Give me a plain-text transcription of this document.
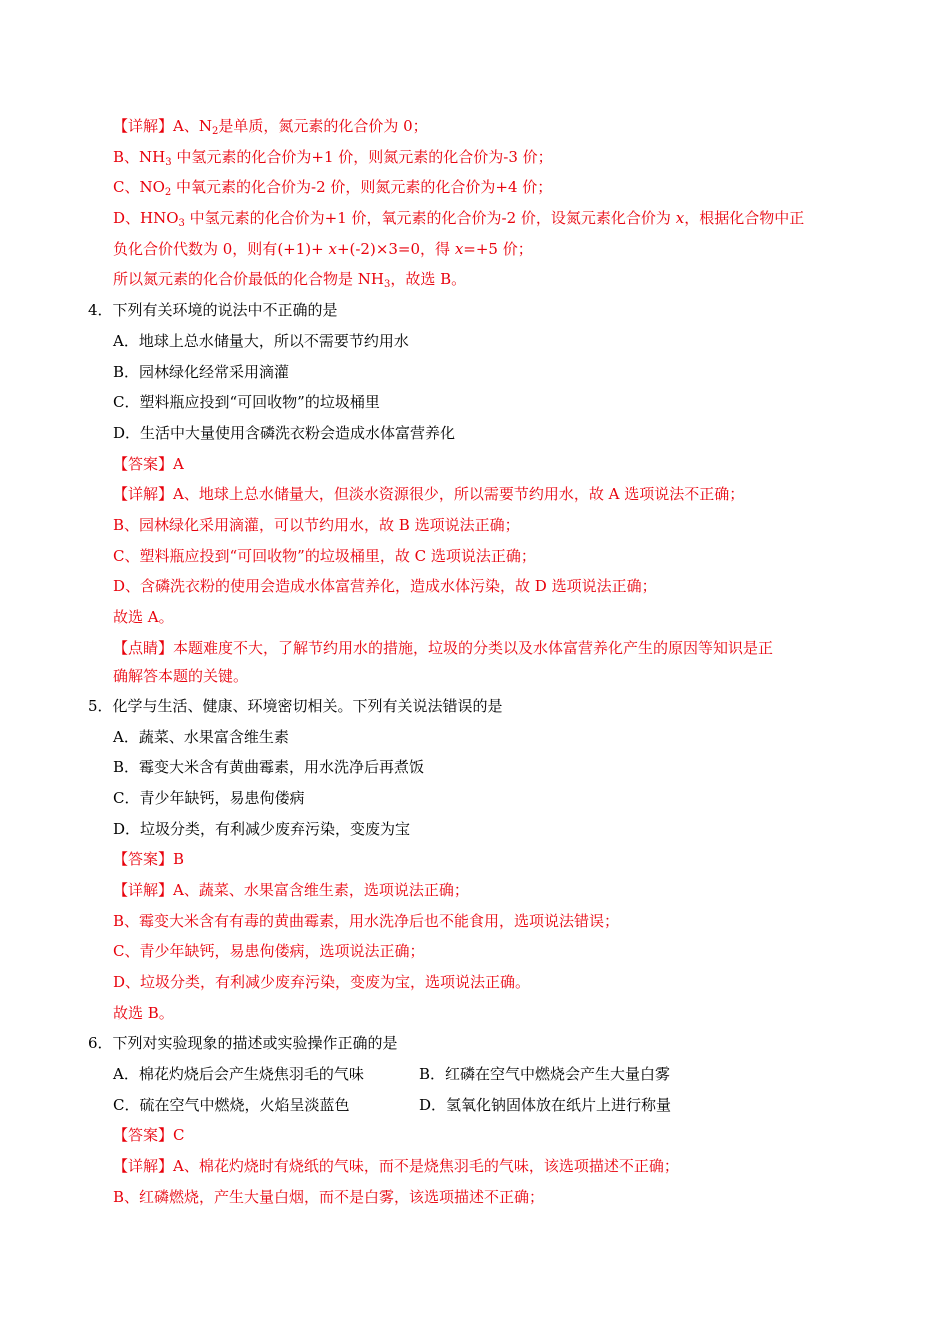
【详解】A、$N_2$是单质，氮元素的化合价为 0；
B、$NH_3$ 中氢元素的化合价为+1 价，则氮元素的化合价为-3 价；
C、$NO_2$ 中氧元素的化合价为-2 价，则氮元素的化合价为+4 价；
D、$HNO_3$ 中氢元素的化合价为+1 价，氧元素的化合价为-2 价，设氮元素化合价为 x，根据化合物中正
负化合价代数为 0，则有(+1)+ x+(-2)×3=0，得 x=+5 价；
所以氮元素的化合价最低的化合物是 $NH_3$，故选 B。
4．下列有关环境的说法中不正确的是
A．地球上总水储量大，所以不需要节约用水
B．园林绿化经常采用滴灌
C．塑料瓶应投到“可回收物”的垃圾桶里
D．生活中大量使用含磷洗衣粉会造成水体富营养化
【答案】A
【详解】A、地球上总水储量大，但淡水资源很少，所以需要节约用水，故 A 选项说法不正确；
B、园林绿化采用滴灌，可以节约用水，故 B 选项说法正确；
C、塑料瓶应投到“可回收物”的垃圾桶里，故 C 选项说法正确；
D、含磷洗衣粉的使用会造成水体富营养化，造成水体污染，故 D 选项说法正确；
故选 A。
【点睛】本题难度不大，了解节约用水的措施，垃圾的分类以及水体富营养化产生的原因等知识是正
确解答本题的关键。
5．化学与生活、健康、环境密切相关。下列有关说法错误的是
A．蔬菜、水果富含维生素
B．霉变大米含有黄曲霉素，用水洗净后再煮饭
C．青少年缺钙，易患佝偻病
D．垃圾分类，有利减少废弃污染，变废为宝
【答案】B
【详解】A、蔬菜、水果富含维生素，选项说法正确；
B、霉变大米含有有毒的黄曲霉素，用水洗净后也不能食用，选项说法错误；
C、青少年缺钙，易患佝偻病，选项说法正确；
D、垃圾分类，有利减少废弃污染，变废为宝，选项说法正确。
故选 B。
6．下列对实验现象的描述或实验操作正确的是
A．棉花灼烧后会产生烧焦羽毛的气味	B．红磷在空气中燃烧会产生大量白雾
C．硫在空气中燃烧，火焰呈淡蓝色	D．氢氧化钠固体放在纸片上进行称量
【答案】C
【详解】A、棉花灼烧时有烧纸的气味，而不是烧焦羽毛的气味，该选项描述不正确；
B、红磷燃烧，产生大量白烟，而不是白雾，该选项描述不正确；
